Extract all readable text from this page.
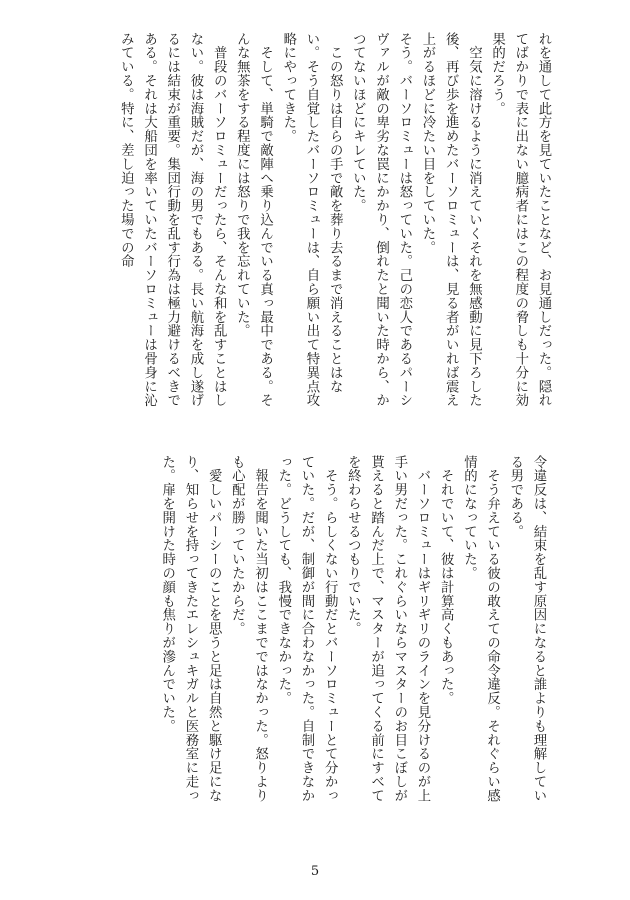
れを通して此方を見ていたことなど、お見通しだった。隠れてばかりで表に出ない臆病者にはこの程度の脅しも十分に効果的だろう。

　空気に溶けるように消えていくそれを無感動に見下ろした後、再び歩を進めたバーソロミューは、見る者がいれば震え上がるほどに冷たい目をしていた。

そう。バーソロミューは怒っていた。己の恋人であるパーシヴァルが敵の卑劣な罠にかかり、倒れたと聞いた時から、かつてないほどにキレていた。

　この怒りは自らの手で敵を葬り去るまで消えることはない。そう自覚したバーソロミューは、自ら願い出て特異点攻略にやってきた。

　そして、単騎で敵陣へ乗り込んでいる真っ最中である。そんな無茶をする程度には怒りで我を忘れていた。

　普段のバーソロミューだったら、そんな和を乱すことはしない。彼は海賊だが、海の男でもある。長い航海を成し遂げるには結束が重要。集団行動を乱す行為は極力避けるべきである。それは大船団を率いていたバーソロミューは骨身に沁みている。特に、差し迫った場での命

令違反は、結束を乱す原因になると誰よりも理解している男である。

　そう弁えている彼の敢えての命令違反。それぐらい感情的になっていた。

　それでいて、彼は計算高くもあった。

　バーソロミューはギリギリのラインを見分けるのが上手い男だった。これぐらいならマスターのお目こぼしが貰えると踏んだ上で、マスターが追ってくる前にすべてを終わらせるつもりでいた。

　そう。らしくない行動だとバーソロミューとて分かっていた。だが、制御が間に合わなかった。自制できなかった。どうしても、我慢できなかった。

　報告を聞いた当初はここまでではなかった。怒りよりも心配が勝っていたからだ。

　愛しいパーシーのことを思うと足は自然と駆け足になり、知らせを持ってきたエレシュキガルと医務室に走った。扉を開けた時の顔も焦りが滲んでいた。

5
